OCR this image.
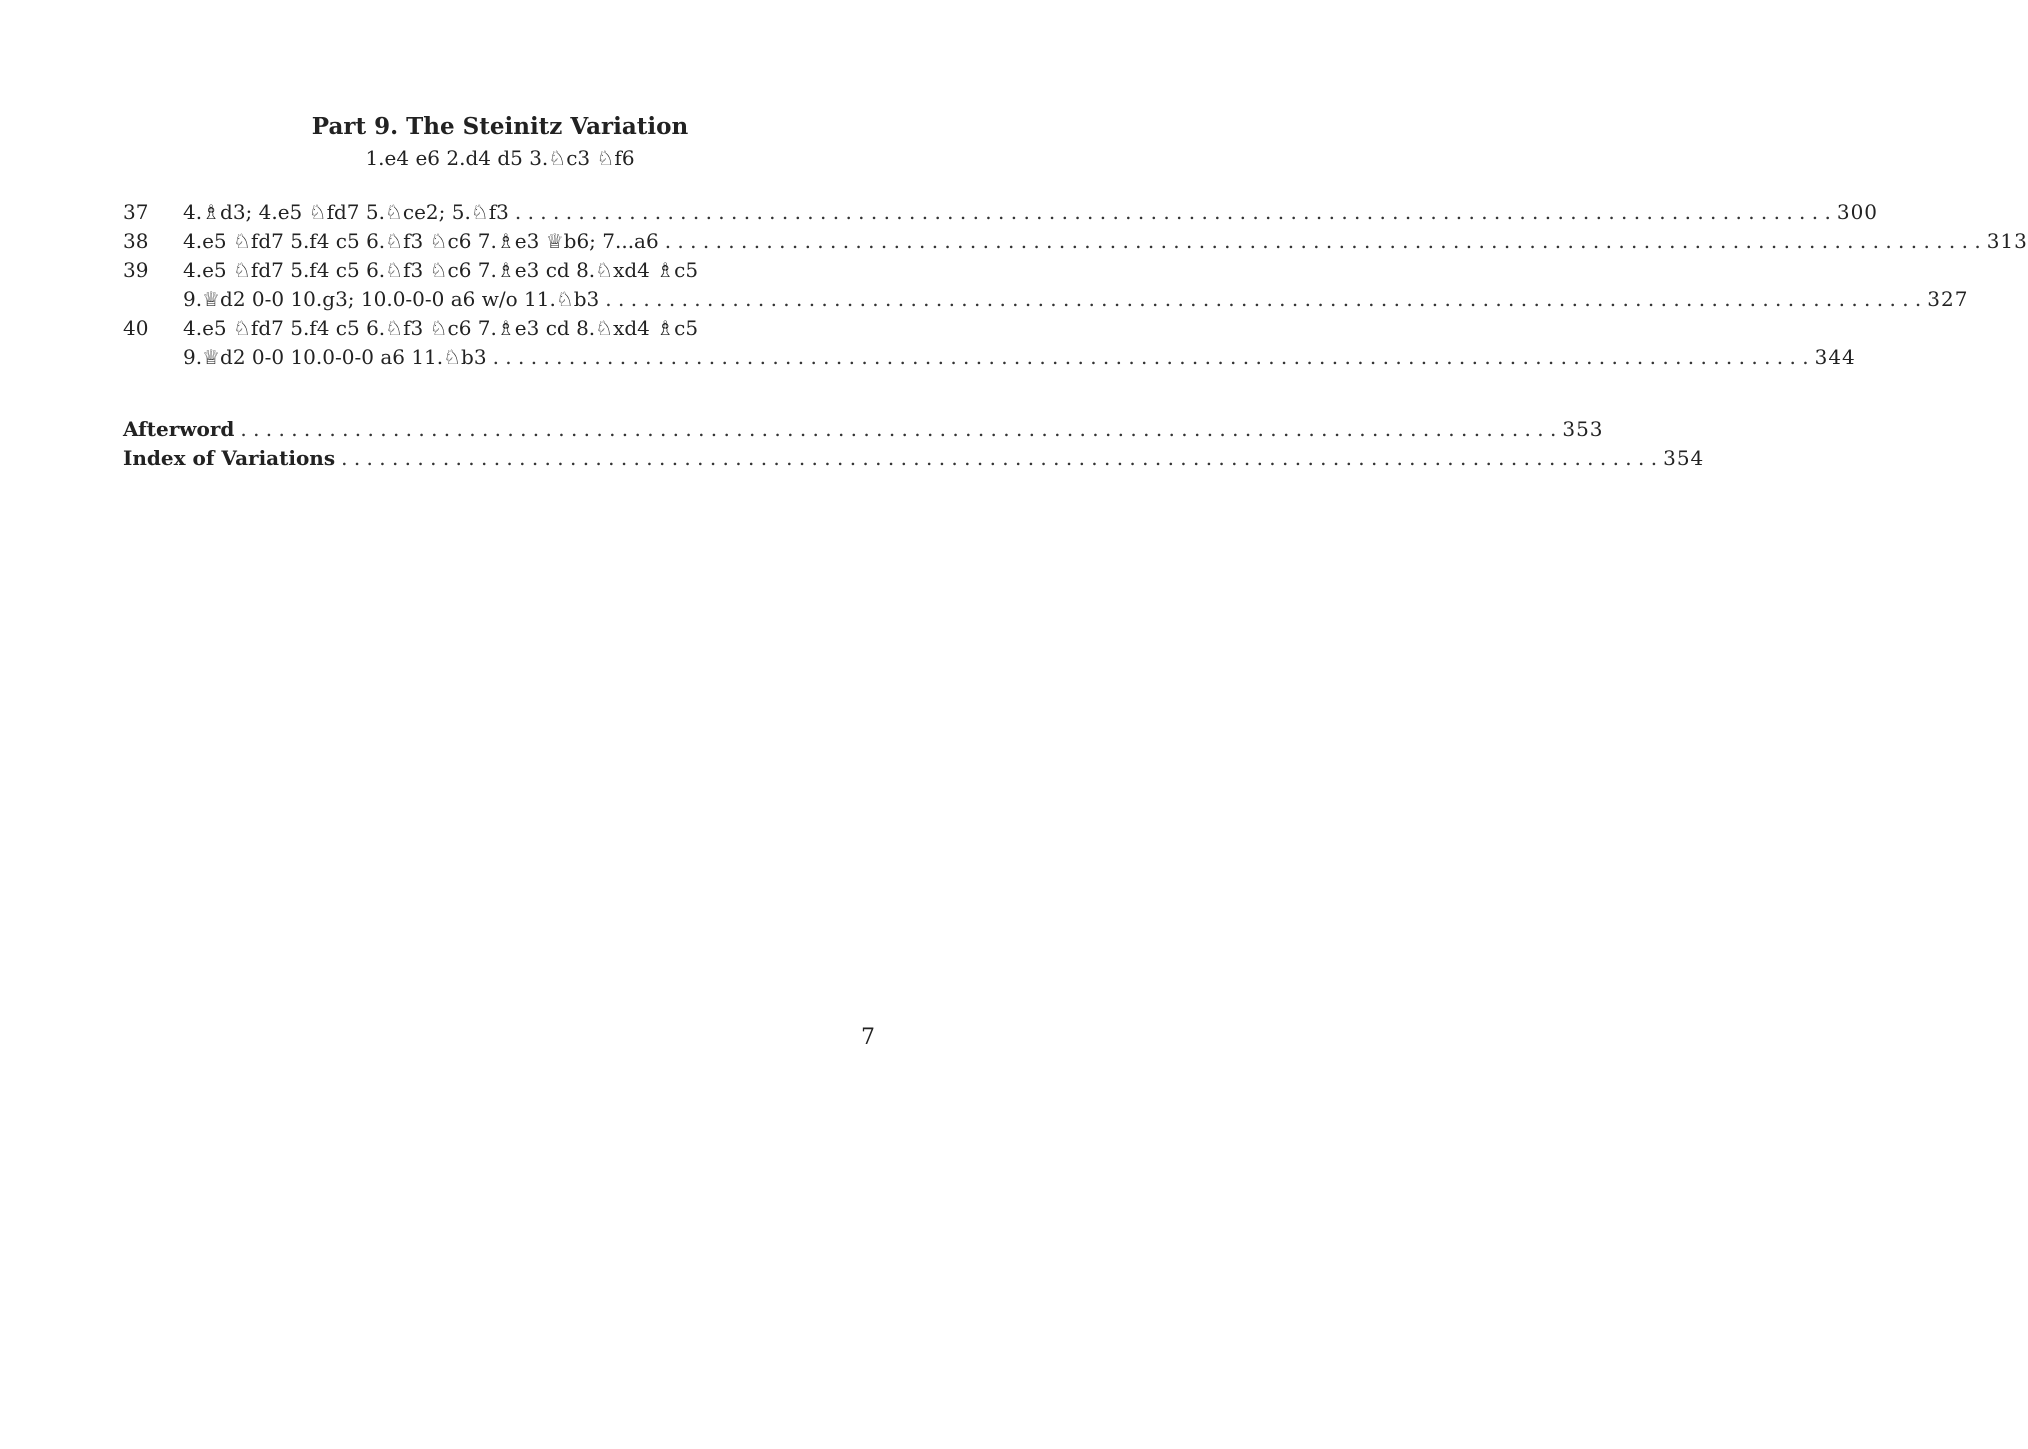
Part 9. The Steinitz Variation
1.e4 e6 2.d4 d5 3.♘c3 ♘f6
37	4.♗d3; 4.e5 ♘fd7 5.♘ce2; 5.♘f3 . . .	300
38	4.e5 ♘fd7 5.f4 c5 6.♘f3 ♘c6 7.♗e3 ♕b6; 7...a6 . . .	313
39	4.e5 ♘fd7 5.f4 c5 6.♘f3 ♘c6 7.♗e3 cd 8.♘xd4 ♗c5
9.♕d2 0-0 10.g3; 10.0-0-0 a6 w/o 11.♘b3 . . .	327
40	4.e5 ♘fd7 5.f4 c5 6.♘f3 ♘c6 7.♗e3 cd 8.♘xd4 ♗c5
9.♕d2 0-0 10.0-0-0 a6 11.♘b3 . . .	344
Afterword . . .	353
Index of Variations . . .	354
7
